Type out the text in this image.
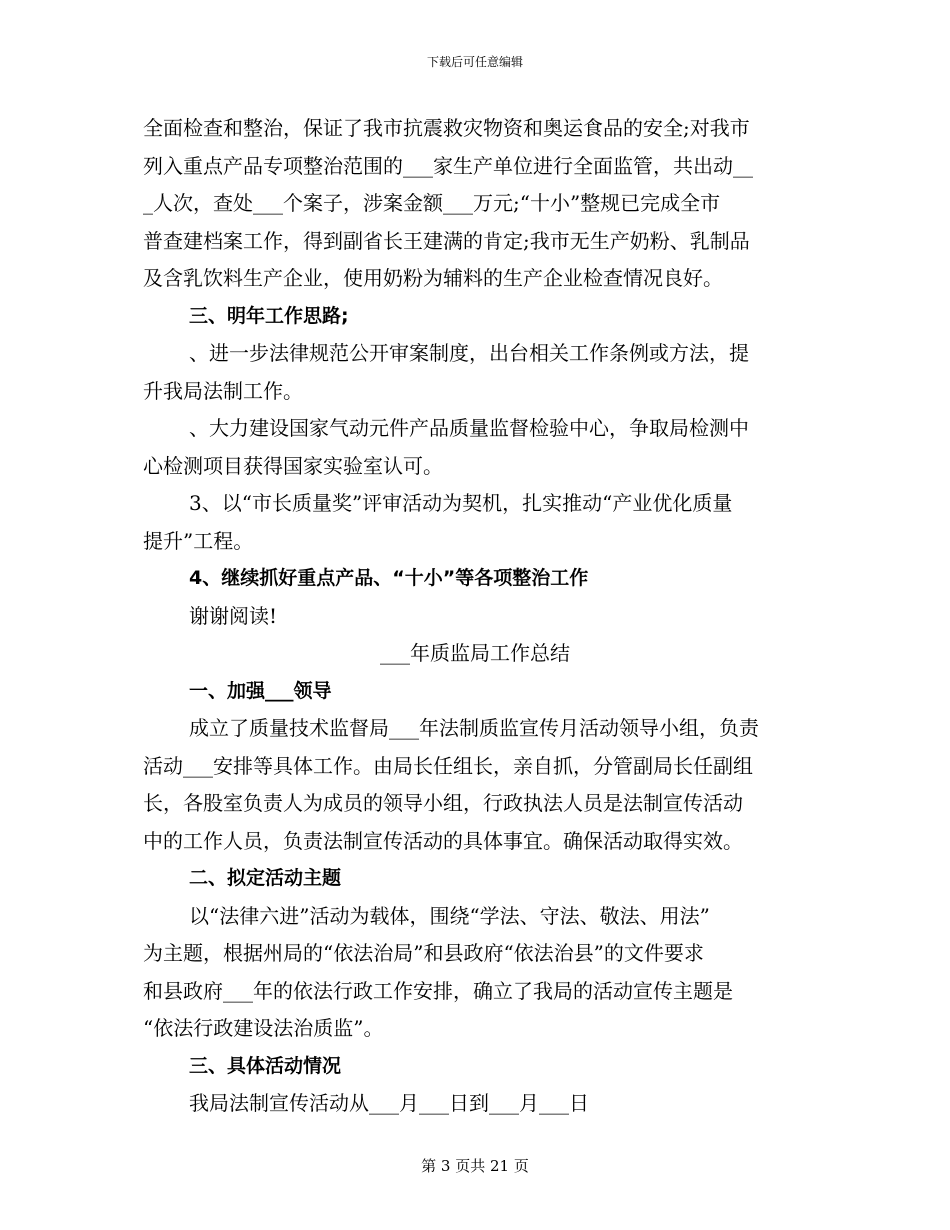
下载后可任意编辑
全面检查和整治，保证了我市抗震救灾物资和奥运食品的安全;对我市
列入重点产品专项整治范围的___家生产单位进行全面监管，共出动__
_人次，查处___个案子，涉案金额___万元;“十小”整规已完成全市
普查建档案工作，得到副省长王建满的肯定;我市无生产奶粉、乳制品
及含乳饮料生产企业，使用奶粉为辅料的生产企业检查情况良好。
三、明年工作思路;
、进一步法律规范公开审案制度，出台相关工作条例或方法，提
升我局法制工作。
、大力建设国家气动元件产品质量监督检验中心，争取局检测中
心检测项目获得国家实验室认可。
3、以“市长质量奖”评审活动为契机，扎实推动“产业优化质量
提升”工程。
4、继续抓好重点产品、“十小”等各项整治工作
谢谢阅读!
___年质监局工作总结
一、加强___领导
成立了质量技术监督局___年法制质监宣传月活动领导小组，负责
活动___安排等具体工作。由局长任组长，亲自抓，分管副局长任副组
长，各股室负责人为成员的领导小组，行政执法人员是法制宣传活动
中的工作人员，负责法制宣传活动的具体事宜。确保活动取得实效。
二、拟定活动主题
以“法律六进”活动为载体，围绕“学法、守法、敬法、用法”
为主题，根据州局的“依法治局”和县政府“依法治县”的文件要求
和县政府___年的依法行政工作安排，确立了我局的活动宣传主题是
“依法行政建设法治质监”。
三、具体活动情况
我局法制宣传活动从___月___日到___月___日
第 3 页共 21 页
